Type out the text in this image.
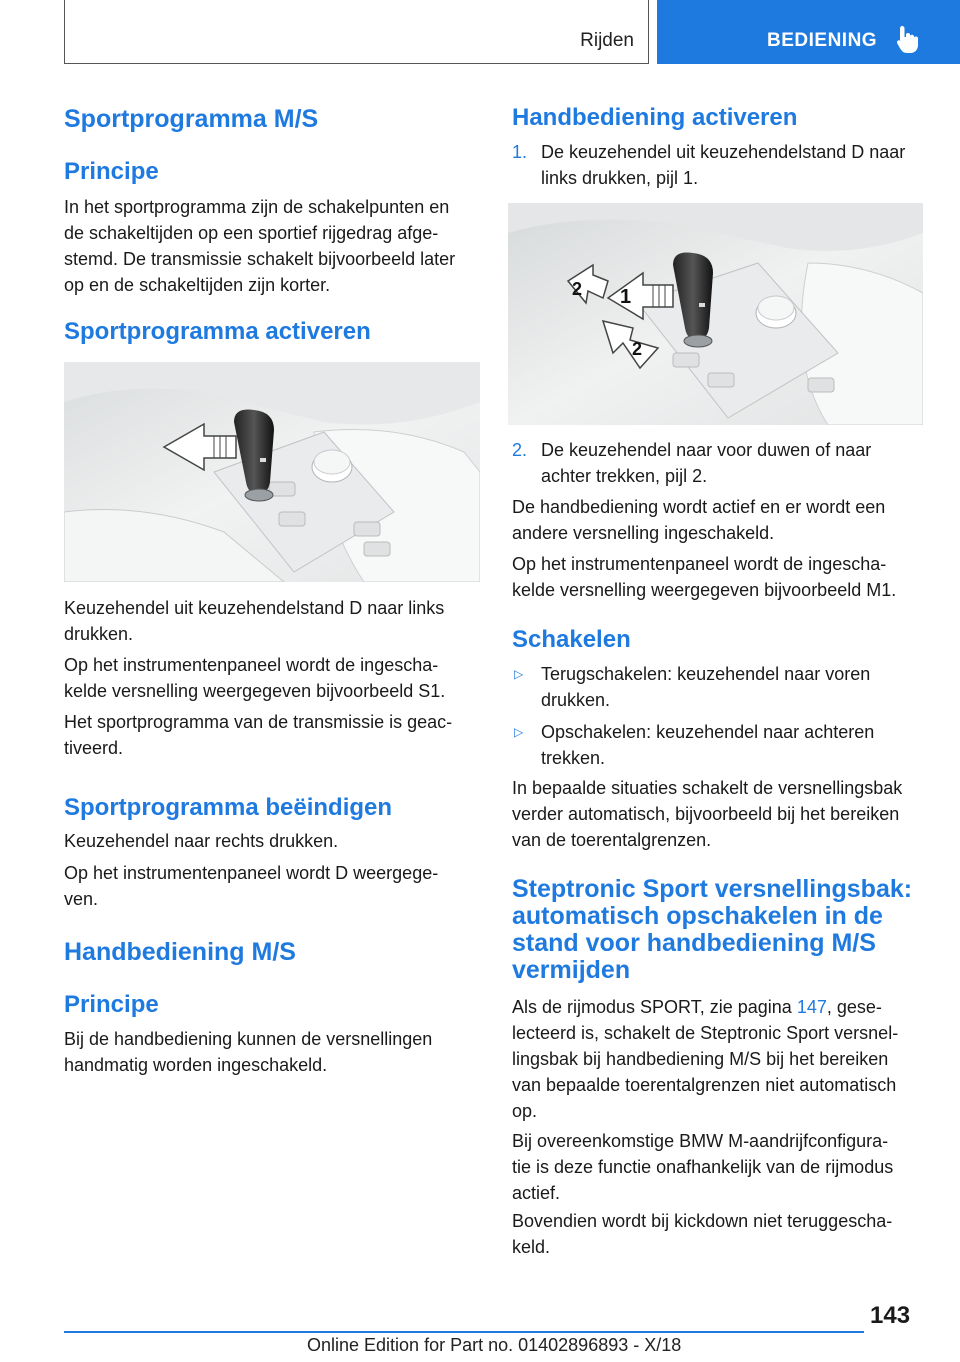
Rijden	BEDIENING
Sportprogramma M/S
Principe
In het sportprogramma zijn de schakelpunten en
de schakeltijden op een sportief rijgedrag afge-
stemd. De transmissie schakelt bijvoorbeeld later
op en de schakeltijden zijn korter.
Sportprogramma activeren
Keuzehendel uit keuzehendelstand D naar links
drukken.
Op het instrumentenpaneel wordt de ingescha-
kelde versnelling weergegeven bijvoorbeeld S1.
Het sportprogramma van de transmissie is geac-
tiveerd.
Sportprogramma beëindigen
Keuzehendel naar rechts drukken.
Op het instrumentenpaneel wordt D weergege-
ven.
Handbediening M/S
Principe
Bij de handbediening kunnen de versnellingen
handmatig worden ingeschakeld.
Handbediening activeren
1. De keuzehendel uit keuzehendelstand D naar
links drukken, pijl 1.
1
2
2
2. De keuzehendel naar voor duwen of naar
achter trekken, pijl 2.
De handbediening wordt actief en er wordt een
andere versnelling ingeschakeld.
Op het instrumentenpaneel wordt de ingescha-
kelde versnelling weergegeven bijvoorbeeld M1.
Schakelen
▷ Terugschakelen: keuzehendel naar voren
drukken.
▷ Opschakelen: keuzehendel naar achteren
trekken.
In bepaalde situaties schakelt de versnellingsbak
verder automatisch, bijvoorbeeld bij het bereiken
van de toerentalgrenzen.
Steptronic Sport versnellingsbak:
automatisch opschakelen in de
stand voor handbediening M/S
vermijden
Als de rijmodus SPORT, zie pagina 147, gese-
lecteerd is, schakelt de Steptronic Sport versnel-
lingsbak bij handbediening M/S bij het bereiken
van bepaalde toerentalgrenzen niet automatisch
op.
Bij overeenkomstige BMW M-aandrijfconfigura-
tie is deze functie onafhankelijk van de rijmodus
actief.
Bovendien wordt bij kickdown niet teruggescha-
keld.
143
Online Edition for Part no. 01402896893 - X/18
